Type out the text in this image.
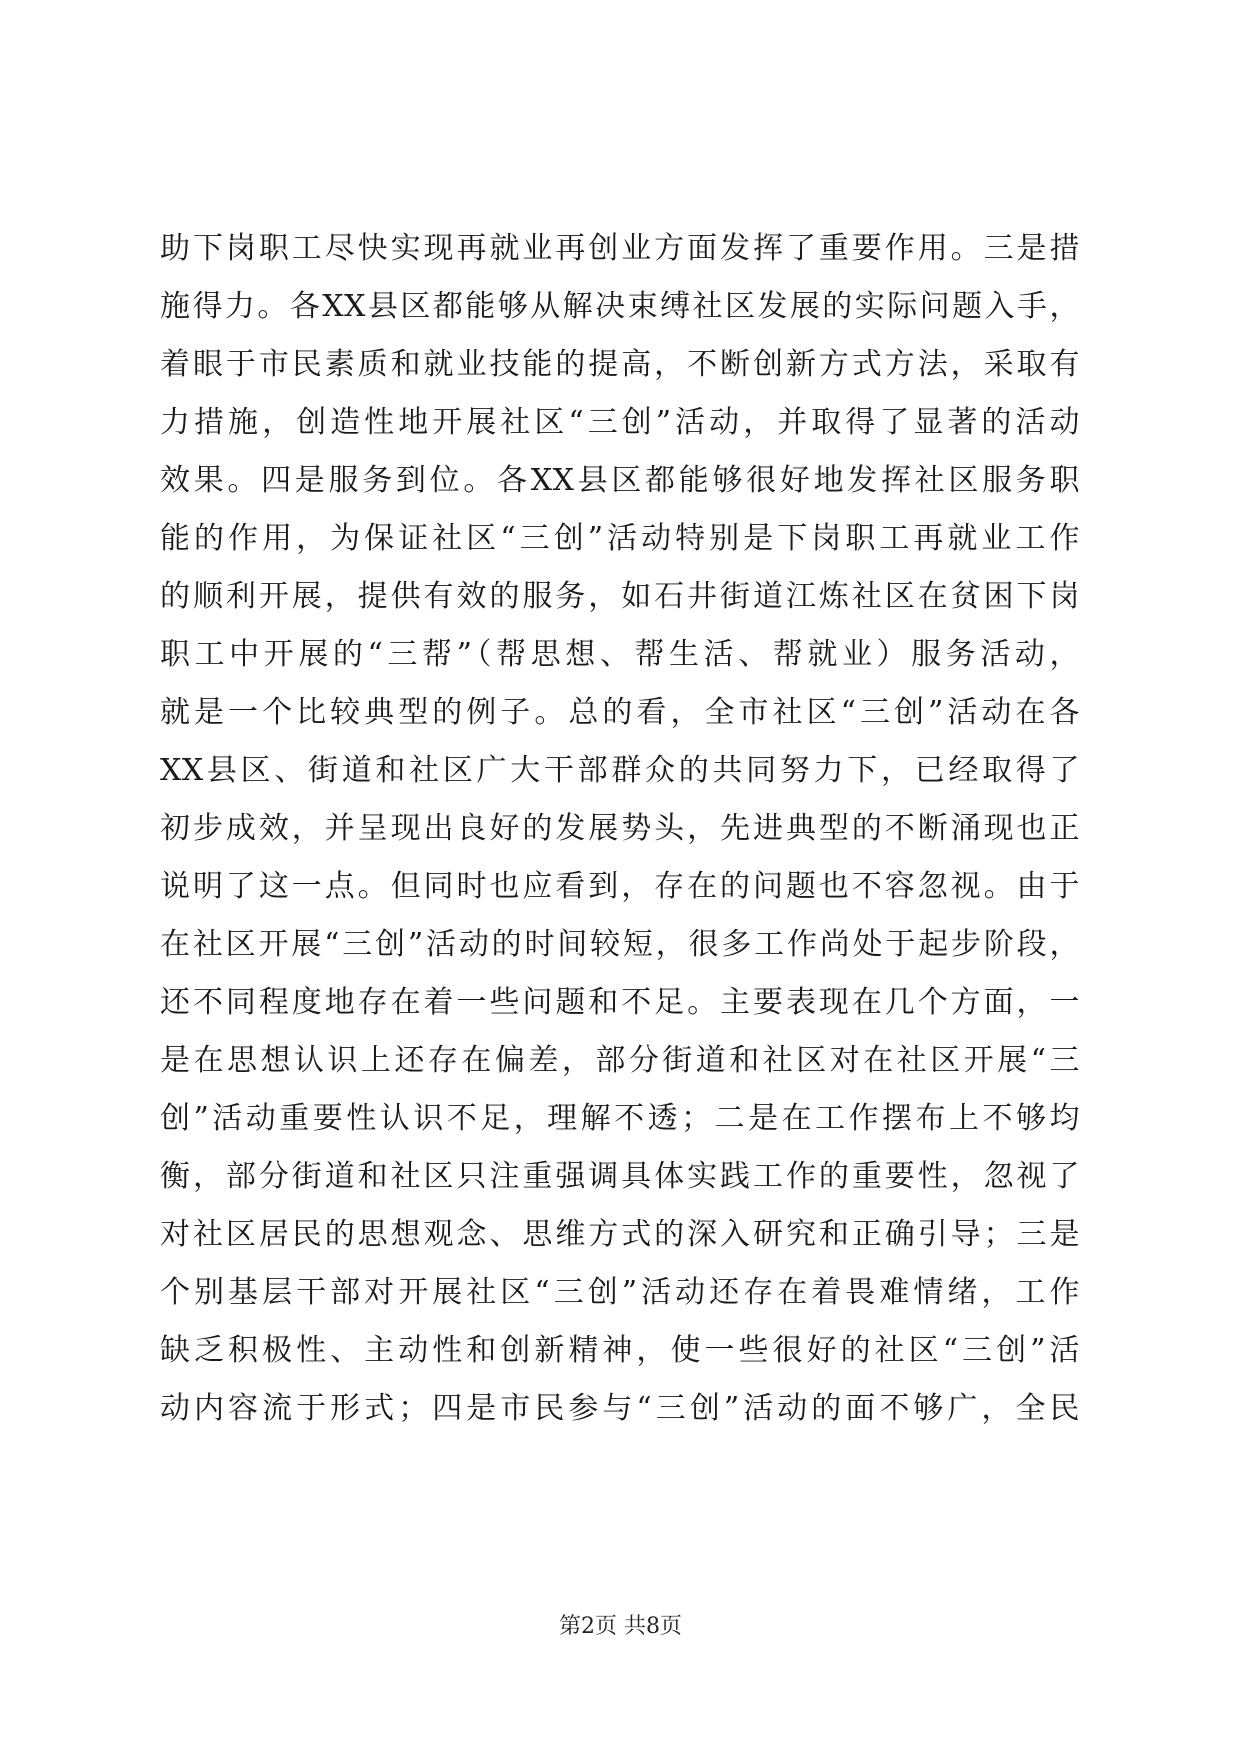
助下岗职工尽快实现再就业再创业方面发挥了重要作用。三是措
施得力。各XX县区都能够从解决束缚社区发展的实际问题入手，
着眼于市民素质和就业技能的提高，不断创新方式方法，采取有
力措施，创造性地开展社区“三创”活动，并取得了显著的活动
效果。四是服务到位。各XX县区都能够很好地发挥社区服务职
能的作用，为保证社区“三创”活动特别是下岗职工再就业工作
的顺利开展，提供有效的服务，如石井街道江炼社区在贫困下岗
职工中开展的“三帮”（帮思想、帮生活、帮就业）服务活动，
就是一个比较典型的例子。总的看，全市社区“三创”活动在各
XX县区、街道和社区广大干部群众的共同努力下，已经取得了
初步成效，并呈现出良好的发展势头，先进典型的不断涌现也正
说明了这一点。但同时也应看到，存在的问题也不容忽视。由于
在社区开展“三创”活动的时间较短，很多工作尚处于起步阶段，
还不同程度地存在着一些问题和不足。主要表现在几个方面，一
是在思想认识上还存在偏差，部分街道和社区对在社区开展“三
创”活动重要性认识不足，理解不透；二是在工作摆布上不够均
衡，部分街道和社区只注重强调具体实践工作的重要性，忽视了
对社区居民的思想观念、思维方式的深入研究和正确引导；三是
个别基层干部对开展社区“三创”活动还存在着畏难情绪，工作
缺乏积极性、主动性和创新精神，使一些很好的社区“三创”活
动内容流于形式；四是市民参与“三创”活动的面不够广，全民
第2页 共8页
